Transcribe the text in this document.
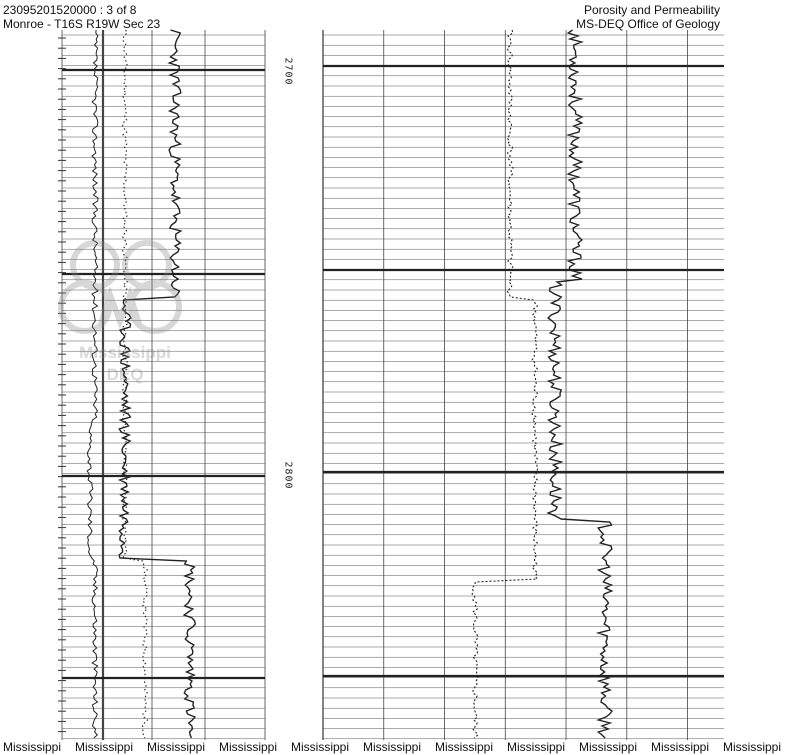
23095201520000 : 3 of 8
Monroe - T16S R19W Sec 23
Porosity and Permeability
MS-DEQ Office of Geology
2700
2800
Mississippi
DEQ
Mississippi	Mississippi	Mississippi	Mississippi	Mississippi	Mississippi	Mississippi	Mississippi	Mississippi	Mississippi	Mississippi
